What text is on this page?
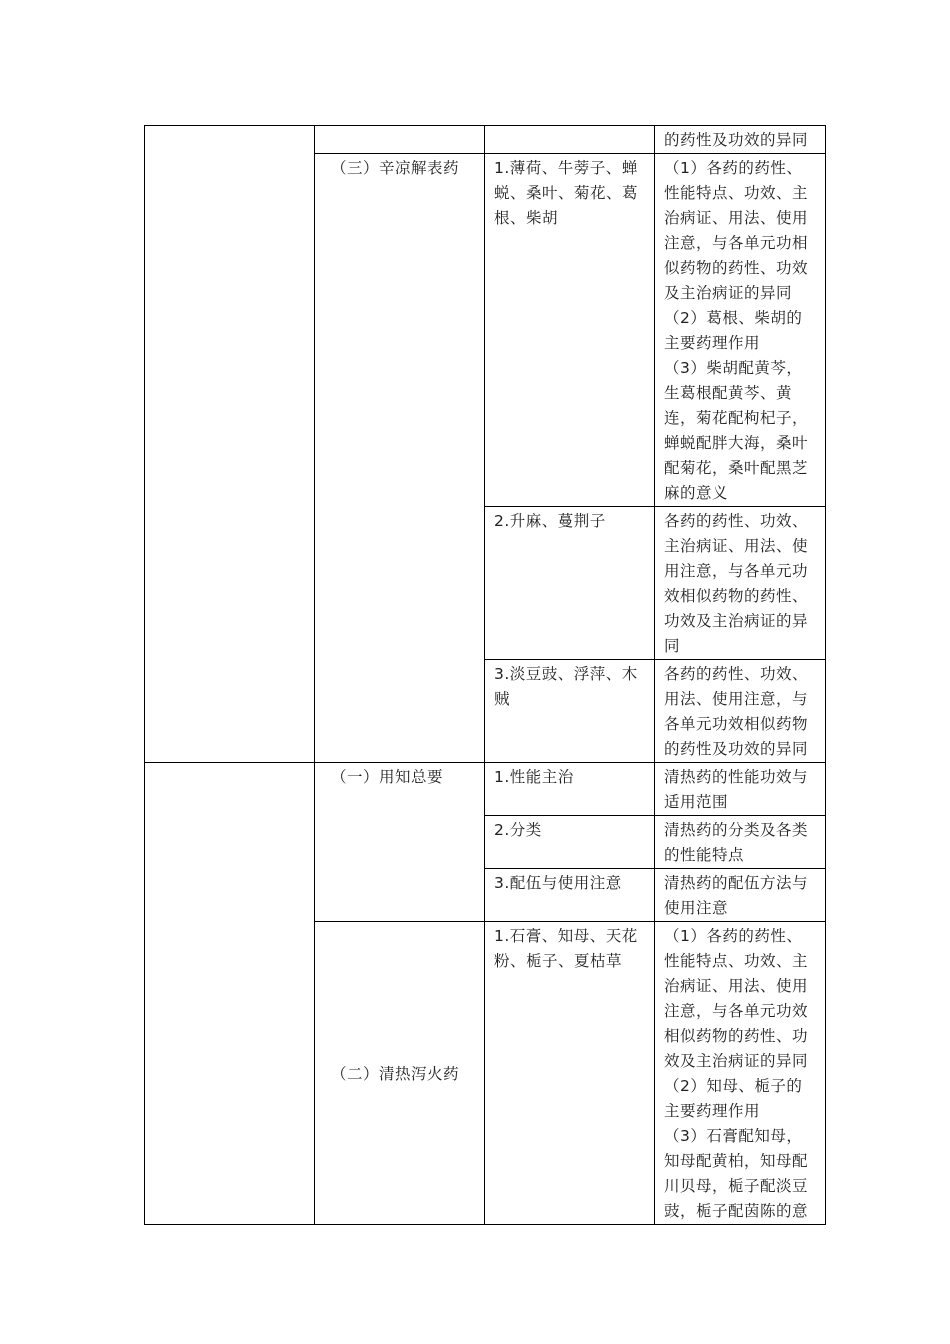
			的药性及功效的异同
	（三）辛凉解表药	1.薄荷、牛蒡子、蝉蜕、桑叶、菊花、葛根、柴胡	（1）各药的药性、性能特点、功效、主治病证、用法、使用注意，与各单元功相似药物的药性、功效及主治病证的异同
（2）葛根、柴胡的主要药理作用
（3）柴胡配黄芩，生葛根配黄芩、黄连，菊花配枸杞子，蝉蜕配胖大海，桑叶配菊花，桑叶配黑芝麻的意义

		2.升麻、蔓荆子	各药的药性、功效、主治病证、用法、使用注意，与各单元功效相似药物的药性、功效及主治病证的异同
		3.淡豆豉、浮萍、木贼	各药的药性、功效、用法、使用注意，与各单元功效相似药物的药性及功效的异同
	（一）用知总要	1.性能主治	清热药的性能功效与适用范围
		2.分类	清热药的分类及各类的性能特点
		3.配伍与使用注意	清热药的配伍方法与使用注意
	（二）清热泻火药	1.石膏、知母、天花粉、栀子、夏枯草	（1）各药的药性、性能特点、功效、主治病证、用法、使用注意，与各单元功效相似药物的药性、功效及主治病证的异同
（2）知母、栀子的主要药理作用
（3）石膏配知母，知母配黄柏，知母配川贝母，栀子配淡豆豉，栀子配茵陈的意
